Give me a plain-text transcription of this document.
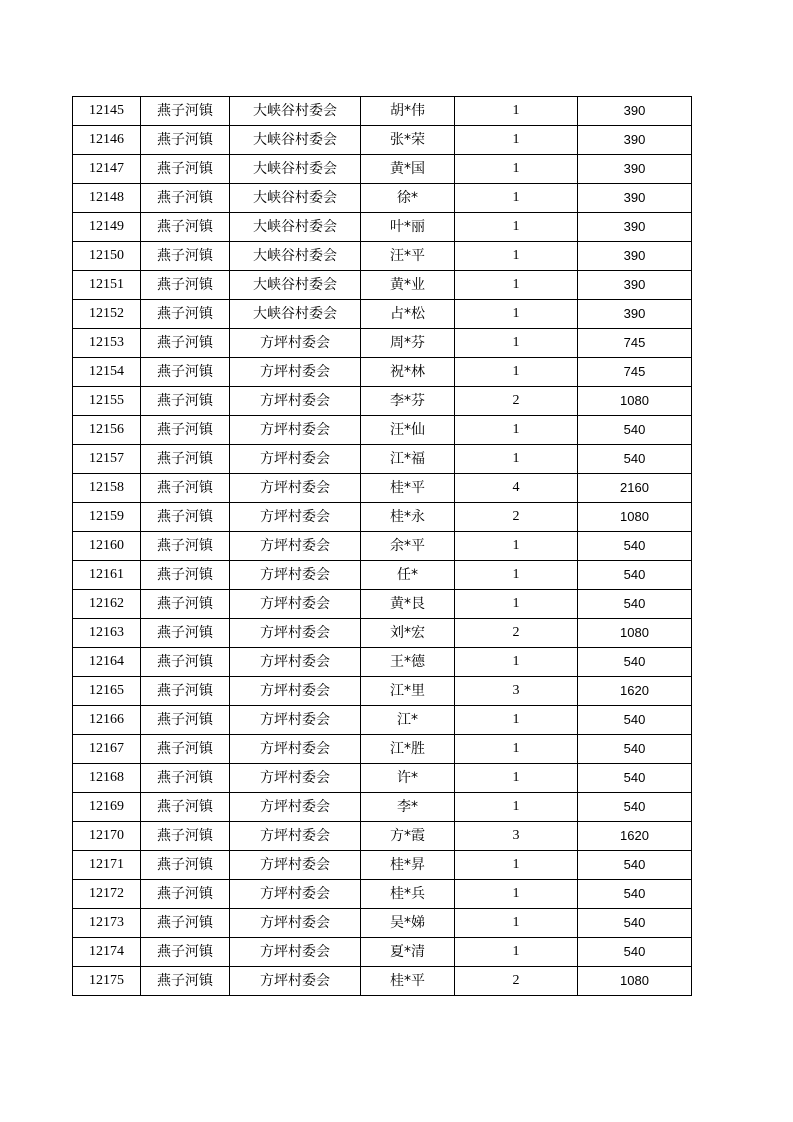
12145	燕子河镇	大峡谷村委会	胡*伟	1	390
12146	燕子河镇	大峡谷村委会	张*荣	1	390
12147	燕子河镇	大峡谷村委会	黄*国	1	390
12148	燕子河镇	大峡谷村委会	徐*	1	390
12149	燕子河镇	大峡谷村委会	叶*丽	1	390
12150	燕子河镇	大峡谷村委会	汪*平	1	390
12151	燕子河镇	大峡谷村委会	黄*业	1	390
12152	燕子河镇	大峡谷村委会	占*松	1	390
12153	燕子河镇	方坪村委会	周*芬	1	745
12154	燕子河镇	方坪村委会	祝*林	1	745
12155	燕子河镇	方坪村委会	李*芬	2	1080
12156	燕子河镇	方坪村委会	汪*仙	1	540
12157	燕子河镇	方坪村委会	江*福	1	540
12158	燕子河镇	方坪村委会	桂*平	4	2160
12159	燕子河镇	方坪村委会	桂*永	2	1080
12160	燕子河镇	方坪村委会	余*平	1	540
12161	燕子河镇	方坪村委会	任*	1	540
12162	燕子河镇	方坪村委会	黄*艮	1	540
12163	燕子河镇	方坪村委会	刘*宏	2	1080
12164	燕子河镇	方坪村委会	王*德	1	540
12165	燕子河镇	方坪村委会	江*里	3	1620
12166	燕子河镇	方坪村委会	江*	1	540
12167	燕子河镇	方坪村委会	江*胜	1	540
12168	燕子河镇	方坪村委会	许*	1	540
12169	燕子河镇	方坪村委会	李*	1	540
12170	燕子河镇	方坪村委会	方*霞	3	1620
12171	燕子河镇	方坪村委会	桂*昇	1	540
12172	燕子河镇	方坪村委会	桂*兵	1	540
12173	燕子河镇	方坪村委会	吴*娣	1	540
12174	燕子河镇	方坪村委会	夏*清	1	540
12175	燕子河镇	方坪村委会	桂*平	2	1080
